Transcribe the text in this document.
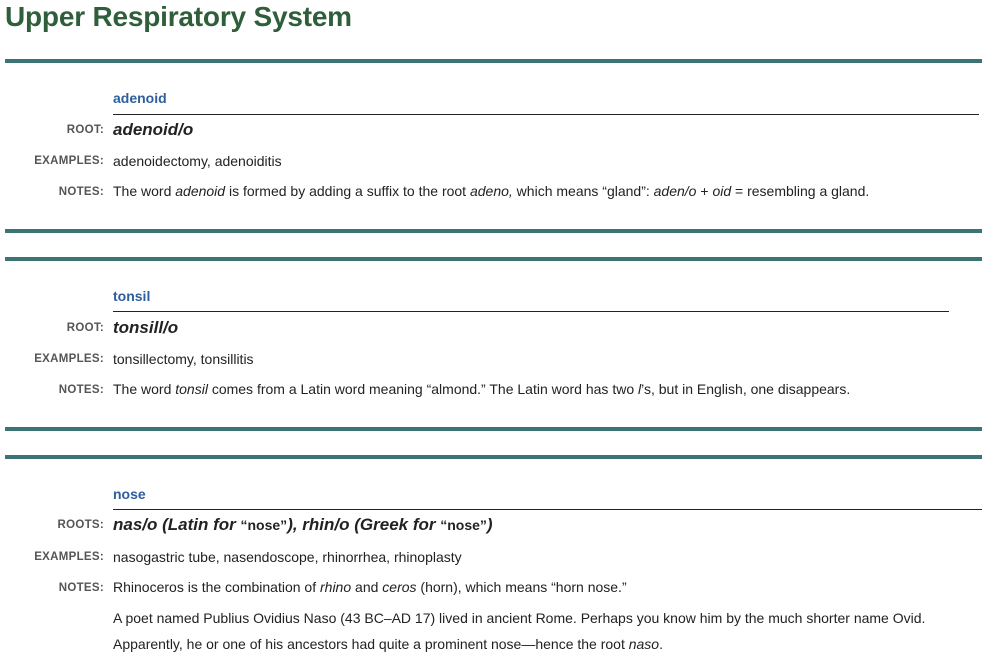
Upper Respiratory System
adenoid
ROOT: adenoid/o
EXAMPLES: adenoidectomy, adenoiditis
NOTES: The word adenoid is formed by adding a suffix to the root adeno, which means “gland”: aden/o + oid = resembling a gland.
tonsil
ROOT: tonsill/o
EXAMPLES: tonsillectomy, tonsillitis
NOTES: The word tonsil comes from a Latin word meaning “almond.” The Latin word has two l’s, but in English, one disappears.
nose
ROOTS: nas/o (Latin for “nose”), rhin/o (Greek for “nose”)
EXAMPLES: nasogastric tube, nasendoscope, rhinorrhea, rhinoplasty
NOTES: Rhinoceros is the combination of rhino and ceros (horn), which means “horn nose.”
A poet named Publius Ovidius Naso (43 BC–AD 17) lived in ancient Rome. Perhaps you know him by the much shorter name Ovid. Apparently, he or one of his ancestors had quite a prominent nose—hence the root naso.
